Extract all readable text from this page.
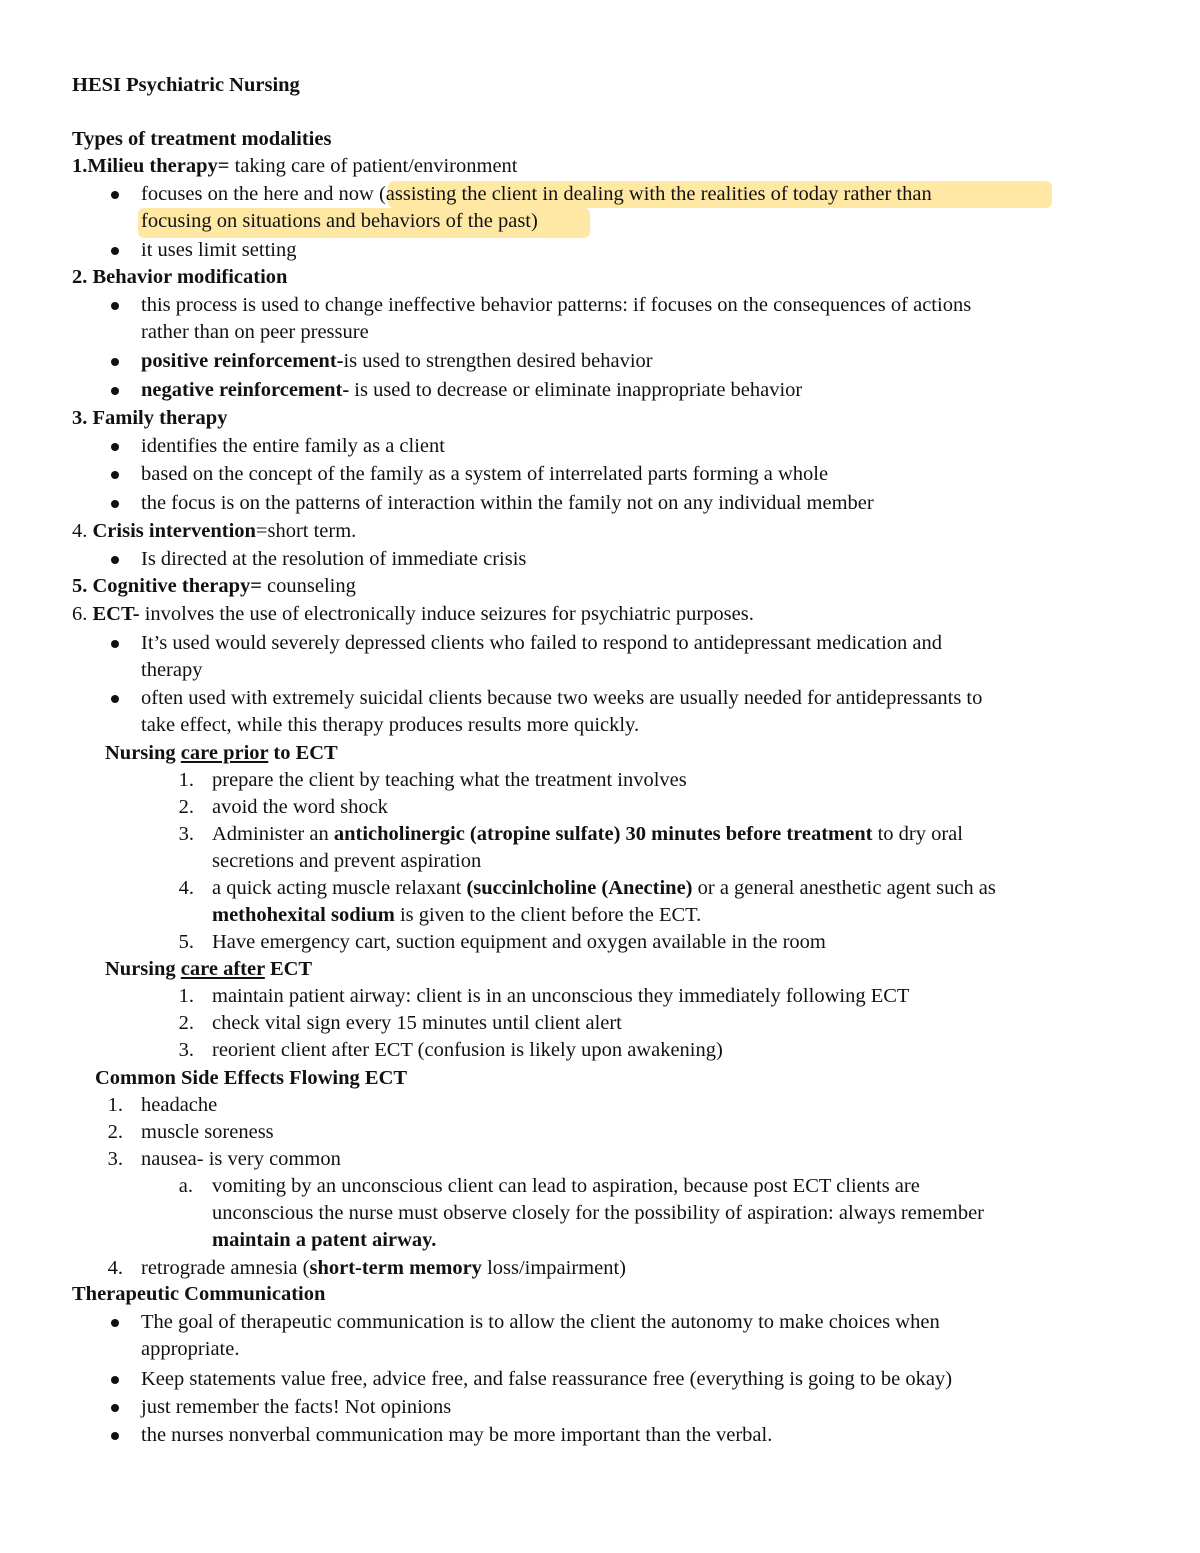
HESI Psychiatric Nursing
Types of treatment modalities
1.Milieu therapy= taking care of patient/environment
focuses on the here and now (assisting the client in dealing with the realities of today rather than
focusing on situations and behaviors of the past)
it uses limit setting
2. Behavior modification
this process is used to change ineffective behavior patterns: if focuses on the consequences of actions
rather than on peer pressure
positive reinforcement-is used to strengthen desired behavior
negative reinforcement- is used to decrease or eliminate inappropriate behavior
3. Family therapy
identifies the entire family as a client
based on the concept of the family as a system of interrelated parts forming a whole
the focus is on the patterns of interaction within the family not on any individual member
4. Crisis intervention=short term.
Is directed at the resolution of immediate crisis
5. Cognitive therapy= counseling
6. ECT- involves the use of electronically induce seizures for psychiatric purposes.
It’s used would severely depressed clients who failed to respond to antidepressant medication and
therapy
often used with extremely suicidal clients because two weeks are usually needed for antidepressants to
take effect, while this therapy produces results more quickly.
Nursing care prior to ECT
1. prepare the client by teaching what the treatment involves
2. avoid the word shock
3. Administer an anticholinergic (atropine sulfate) 30 minutes before treatment to dry oral
secretions and prevent aspiration
4. a quick acting muscle relaxant (succinlcholine (Anectine) or a general anesthetic agent such as
methohexital sodium is given to the client before the ECT.
5. Have emergency cart, suction equipment and oxygen available in the room
Nursing care after ECT
1. maintain patient airway: client is in an unconscious they immediately following ECT
2. check vital sign every 15 minutes until client alert
3. reorient client after ECT (confusion is likely upon awakening)
Common Side Effects Flowing ECT
1. headache
2. muscle soreness
3. nausea- is very common
a. vomiting by an unconscious client can lead to aspiration, because post ECT clients are
unconscious the nurse must observe closely for the possibility of aspiration: always remember
maintain a patent airway.
4. retrograde amnesia (short-term memory loss/impairment)
Therapeutic Communication
The goal of therapeutic communication is to allow the client the autonomy to make choices when
appropriate.
Keep statements value free, advice free, and false reassurance free (everything is going to be okay)
just remember the facts! Not opinions
the nurses nonverbal communication may be more important than the verbal.
